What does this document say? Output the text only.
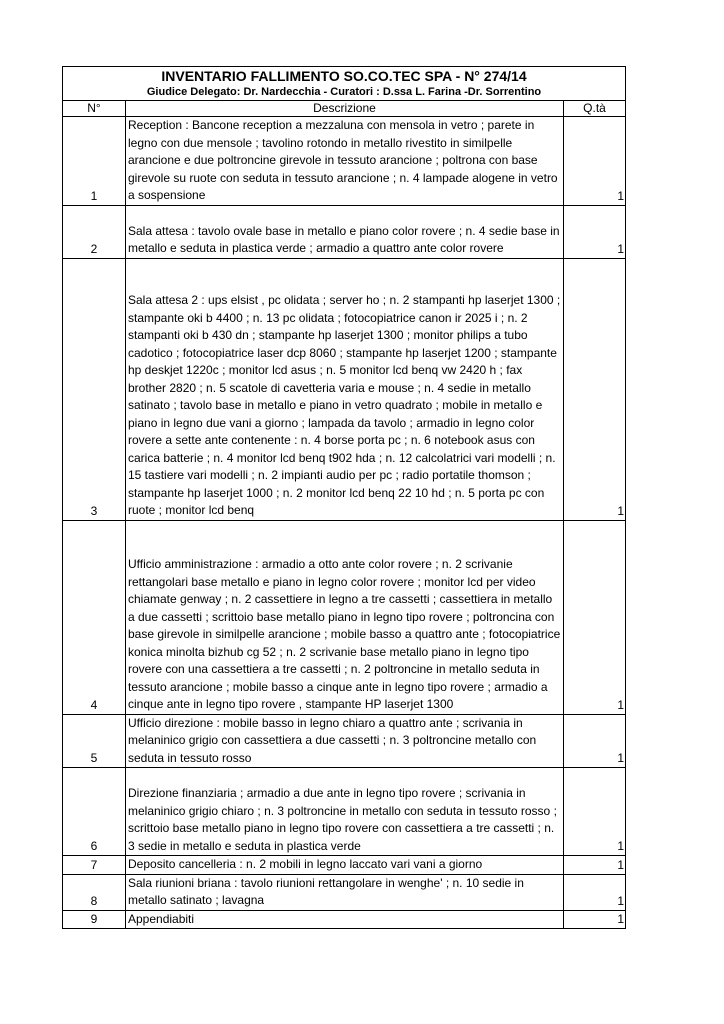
INVENTARIO FALLIMENTO SO.CO.TEC SPA - N° 274/14		
Giudice Delegato: Dr. Nardecchia - Curatori : D.ssa L. Farina -Dr. Sorrentino		
N°	Descrizione	Q.tà
1	Reception : Bancone reception a mezzaluna con mensola in vetro ; parete in legno con due mensole ; tavolino rotondo in metallo rivestito in similpelle arancione e due poltroncine girevole in tessuto arancione ; poltrona con base girevole su ruote con seduta in tessuto arancione ; n. 4 lampade alogene in vetro a sospensione	1
2	Sala attesa : tavolo ovale base in metallo e piano color rovere ; n. 4 sedie base in metallo e seduta in plastica verde ; armadio a quattro ante color rovere	1
3	Sala attesa 2 : ups elsist , pc olidata ; server ho ; n. 2 stampanti hp laserjet 1300 ; stampante oki b 4400 ; n. 13 pc olidata ; fotocopiatrice canon ir 2025 i ; n. 2 stampanti oki b 430 dn ; stampante hp laserjet 1300 ; monitor philips a tubo cadotico ; fotocopiatrice laser dcp 8060 ; stampante hp laserjet 1200 ; stampante hp deskjet 1220c ; monitor lcd asus ; n. 5 monitor lcd benq vw 2420 h ; fax brother 2820 ; n. 5 scatole di cavetteria varia e mouse ; n. 4 sedie in metallo satinato ; tavolo base in metallo e piano in vetro quadrato ; mobile in metallo e piano in legno due vani a giorno ; lampada da tavolo ; armadio in legno color rovere a sette ante contenente : n. 4 borse porta pc ; n. 6 notebook asus con carica batterie ; n. 4 monitor lcd benq t902 hda ; n. 12 calcolatrici vari modelli ; n. 15 tastiere vari modelli ; n. 2 impianti audio per pc ; radio portatile thomson ; stampante hp laserjet 1000 ; n. 2 monitor lcd benq 22 10 hd ; n. 5 porta pc con ruote ; monitor lcd benq	1
4	Ufficio amministrazione : armadio a otto ante color rovere ; n. 2 scrivanie rettangolari base metallo e piano in legno color rovere ; monitor lcd per video chiamate genway ; n. 2 cassettiere in legno a tre cassetti ; cassettiera in metallo a due cassetti ; scrittoio base metallo piano in legno tipo rovere ; poltroncina con base girevole in similpelle arancione ; mobile basso a quattro ante ; fotocopiatrice konica minolta bizhub cg 52 ; n. 2 scrivanie base metallo piano in legno tipo rovere con una cassettiera a tre cassetti ; n. 2 poltroncine in metallo seduta in tessuto arancione ; mobile basso a cinque ante in legno tipo rovere ; armadio a cinque ante in legno tipo rovere , stampante HP laserjet 1300	1
5	Ufficio direzione : mobile basso in legno chiaro a quattro ante ; scrivania in melaninico grigio con cassettiera a due cassetti ; n. 3 poltroncine metallo con seduta in tessuto rosso	1
6	Direzione finanziaria ; armadio a due ante in legno tipo rovere ; scrivania in melaninico grigio chiaro ; n. 3 poltroncine in metallo con seduta in tessuto rosso ; scrittoio base metallo piano in legno tipo rovere con cassettiera a tre cassetti ; n. 3 sedie in metallo e seduta in plastica verde	1
7	Deposito cancelleria : n. 2 mobili in legno laccato vari vani a giorno	1
8	Sala riunioni briana : tavolo riunioni rettangolare in wenghe' ; n. 10 sedie in metallo satinato ; lavagna	1
9	Appendiabiti	1
